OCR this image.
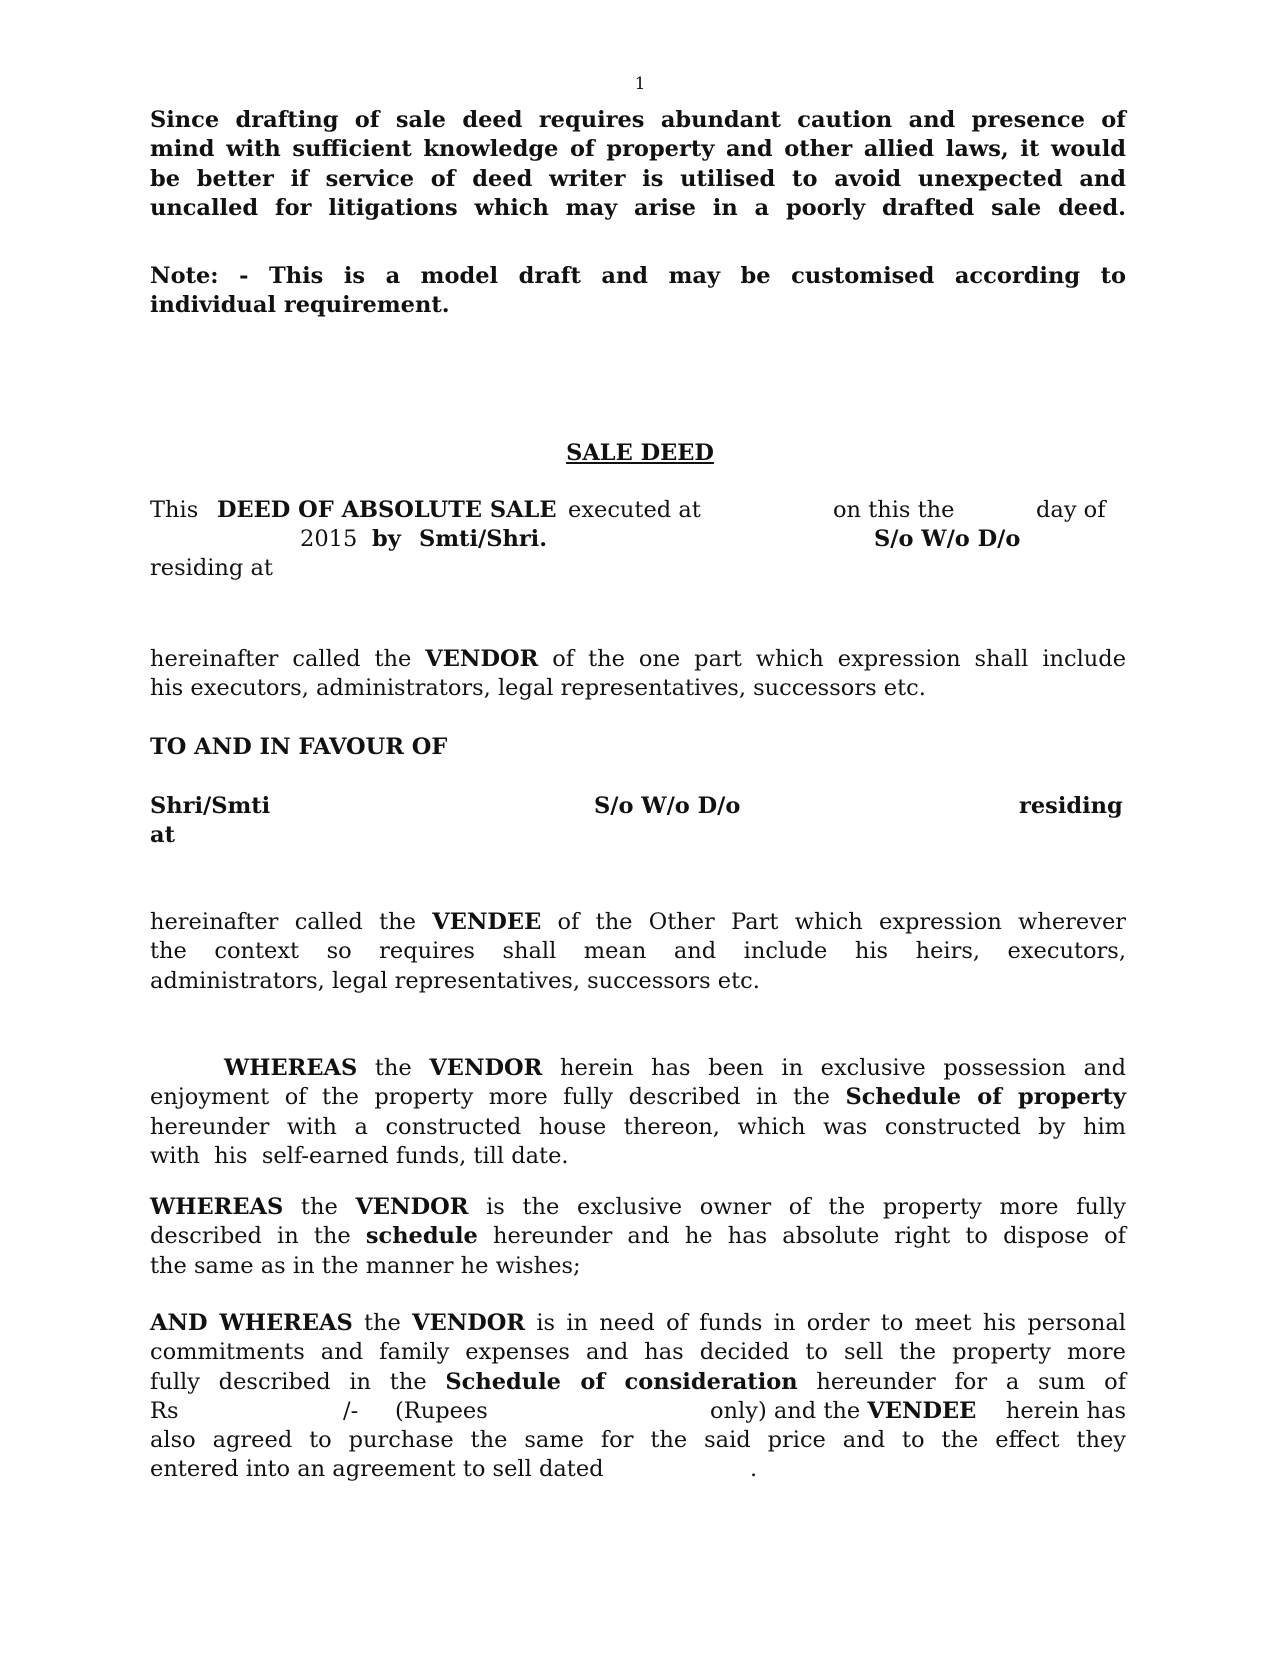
1
Since drafting of sale deed requires abundant caution and presence of
mind with sufficient knowledge of property and other allied laws, it would
be better if service of deed writer is utilised to avoid unexpected and
uncalled for litigations which may arise in a poorly drafted sale deed.
Note: - This is a model draft and may be customised according to
individual requirement.
SALE DEED
This DEED OF ABSOLUTE SALE executed at	on this the	day of
2015 by Smti/Shri.	S/o W/o D/o
residing at
hereinafter called the VENDOR of the one part which expression shall include
his executors, administrators, legal representatives, successors etc.
TO AND IN FAVOUR OF
Shri/Smti	S/o W/o D/o	residing
at
hereinafter called the VENDEE of the Other Part which expression wherever
the context so requires shall mean and include his heirs, executors,
administrators, legal representatives, successors etc.
WHEREAS the VENDOR herein has been in exclusive possession and
enjoyment of the property more fully described in the Schedule of property
hereunder with a constructed house thereon, which was constructed by him
with  his  self-earned funds, till date.
WHEREAS the VENDOR is the exclusive owner of the property more fully
described in the schedule hereunder and he has absolute right to dispose of
the same as in the manner he wishes;
AND WHEREAS the VENDOR is in need of funds in order to meet his personal
commitments and family expenses and has decided to sell the property more
fully described in the Schedule of consideration hereunder for a sum of
Rs	/- (Rupees	only) and the VENDEE herein has
also agreed to purchase the same for the said price and to the effect they
entered into an agreement to sell dated	.
